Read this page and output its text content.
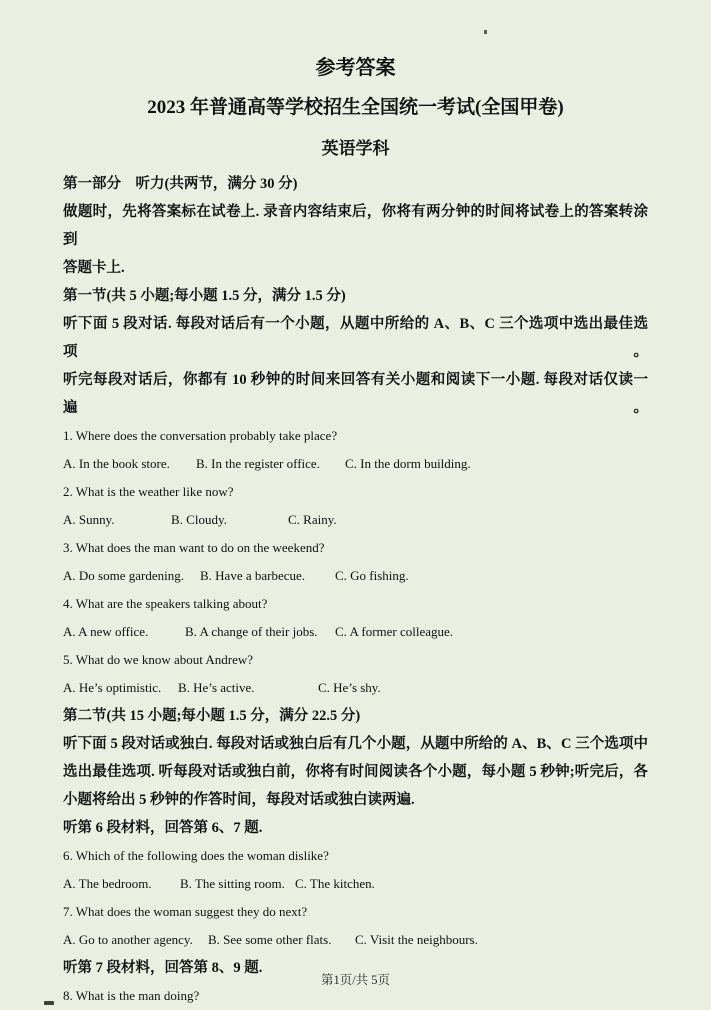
参考答案
2023 年普通高等学校招生全国统一考试(全国甲卷)
英语学科
第一部分　听力(共两节，满分 30 分)
做题时，先将答案标在试卷上. 录音内容结束后，你将有两分钟的时间将试卷上的答案转涂到
答题卡上.
第一节(共 5 小题;每小题 1.5 分，满分 1.5 分)
听下面 5 段对话. 每段对话后有一个小题，从题中所给的 A、B、C 三个选项中选出最佳选项。
听完每段对话后，你都有 10 秒钟的时间来回答有关小题和阅读下一小题. 每段对话仅读一遍。
1. Where does the conversation probably take place?
A. In the book store.	B. In the register office.	C. In the dorm building.
2. What is the weather like now?
A. Sunny.	B. Cloudy.	C. Rainy.
3. What does the man want to do on the weekend?
A. Do some gardening.	B. Have a barbecue.	C. Go fishing.
4. What are the speakers talking about?
A. A new office.	B. A change of their jobs.	C. A former colleague.
5. What do we know about Andrew?
A. He’s optimistic.	B. He’s active.	C. He’s shy.
第二节(共 15 小题;每小题 1.5 分，满分 22.5 分)
听下面 5 段对话或独白. 每段对话或独白后有几个小题，从题中所给的 A、B、C 三个选项中
选出最佳选项. 听每段对话或独白前，你将有时间阅读各个小题，每小题 5 秒钟;听完后，各
小题将给出 5 秒钟的作答时间，每段对话或独白读两遍.
听第 6 段材料，回答第 6、7 题.
6. Which of the following does the woman dislike?
A. The bedroom.	B. The sitting room. C. The kitchen.
7. What does the woman suggest they do next?
A. Go to another agency.	B. See some other flats.	C. Visit the neighbours.
听第 7 段材料，回答第 8、9 题.
8. What is the man doing?
第1页/共 5页
